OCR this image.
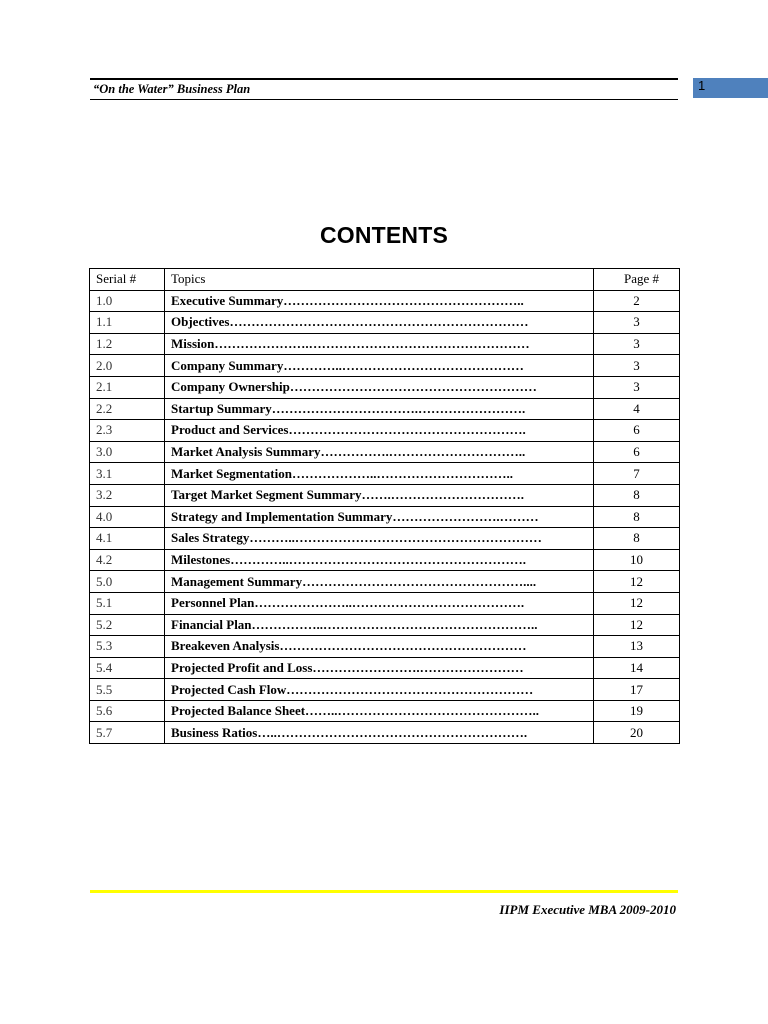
“On the Water” Business Plan	1
CONTENTS
Serial #	Topics	Page #
1.0	Executive Summary………………………………………………..	2
1.1	Objectives……………………………………………………………	3
1.2	Mission………………….……………………………………………	3
2.0	Company Summary…………..……………………………………	3
2.1	Company Ownership…………………………………………………	3
2.2	Startup Summary…………………………….…………………….	4
2.3	Product and Services……………………………………………….	6
3.0	Market Analysis Summary…………….…………………………..	6
3.1	Market Segmentation………………..…………………………..	7
3.2	Target Market Segment Summary…….………………………….	8
4.0	Strategy and Implementation Summary…………………….………	8
4.1	Sales Strategy………..…………………………………………………	8
4.2	Milestones…………..……………………………………………….	10
5.0	Management Summary……………………………………………....	12
5.1	Personnel Plan…………………..………………………………….	12
5.2	Financial Plan……………..…………………………………………..	12
5.3	Breakeven Analysis…………………………………………………	13
5.4	Projected Profit and Loss…………………….……………………	14
5.5	Projected Cash Flow…………………………………………………	17
5.6	Projected Balance Sheet……..………………………………………..	19
5.7	Business Ratios…..………………………………………………….	20
IIPM Executive MBA 2009-2010
